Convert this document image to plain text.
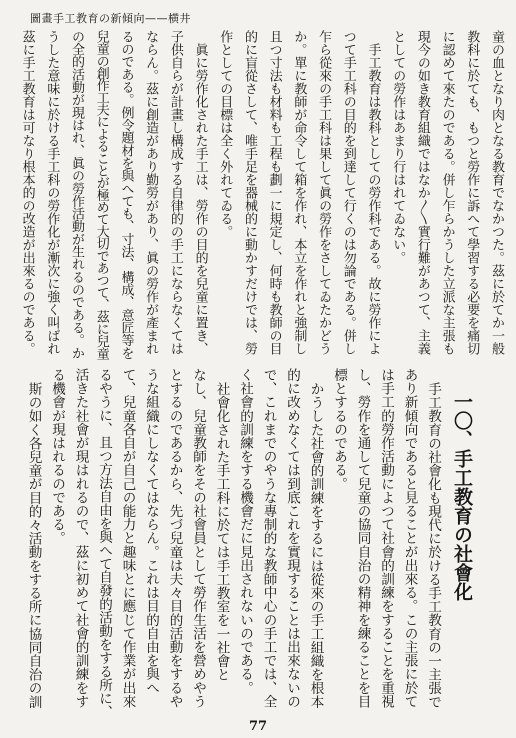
圖畫手工教育の新傾向——横井
童の血となり肉となる教育でなかつた。茲に於てか一般
教科に於ても、もつと勞作に訴へて學習する必要を痛切
に認めて來たのである。併し乍らかうした立派な主張も
現今の如き教育組織ではなか〳〵實行難があつて、主義
としての勞作はあまり行はれてゐない。
手工教育は教科としての勞作科である。故に勞作によ
つて手工科の目的を到達して行くのは勿論である。併し
乍ら從來の手工科は果して眞の勞作をさしてゐたかどう
か。單に教師が命令して箱を作れ、本立を作れと強制し
且つ寸法も材料も工程も劃一に規定し、何時も教師の目
的に盲從さして、唯手足を器械的に動かすだけでは、勞
作としての目標は全く外れてゐる。
眞に勞作化された手工は、勞作の目的を兒童に置き、
子供自らが計畫し構成する自律的の手工にならなくては
ならん。茲に創造があり勤勞があり、眞の勞作が產まれ
るのである。例令題材を與へても、寸法、構成、意匠等を
兒童の創作工夫によることが極めて大切であつて、茲に兒童
の全的活動が現はれ、眞の勞作活動が生れるのである。か
うした意味に於ける手工科の勞作化が漸次に強く叫ばれ
茲に手工教育は可なり根本的の改造が出來るのである。
一〇、手工教育の社會化
手工教育の社會化も現代に於ける手工教育の一主張で
あり新傾向であると見ることが出來る。この主張に於て
は手工的勞作活動によつて社會的訓練をすることを重視
し、勞作を通して兒童の協同自治の精神を練ることを目
標とするのである。
かうした社會的訓練をするには從來の手工組織を根本
的に改めなくては到底これを實現することは出來ないの
で、これまでのやうな專制的な教師中心の手工では、全
く社會的訓練をする機會だに見出されないのである。
社會化された手工科に於ては手工教室を一社會と
なし、兒童教師をその社會員として勞作生活を營めやう
とするのであるから、先づ兒童は夫々目的活動をするや
うな組織にしなくてはならん。これは目的自由を與へ
て、兒童各自が自己の能力と趣味とに應じて作業が出來
るやうに、且つ方法自由を與へて自發的活動をする所に、
活きた社會が現はれるので、茲に初めて社會的訓練をす
る機會が現はれるのである。
斯の如く各兒童が目的々活動をする所に協同自治の訓
77
